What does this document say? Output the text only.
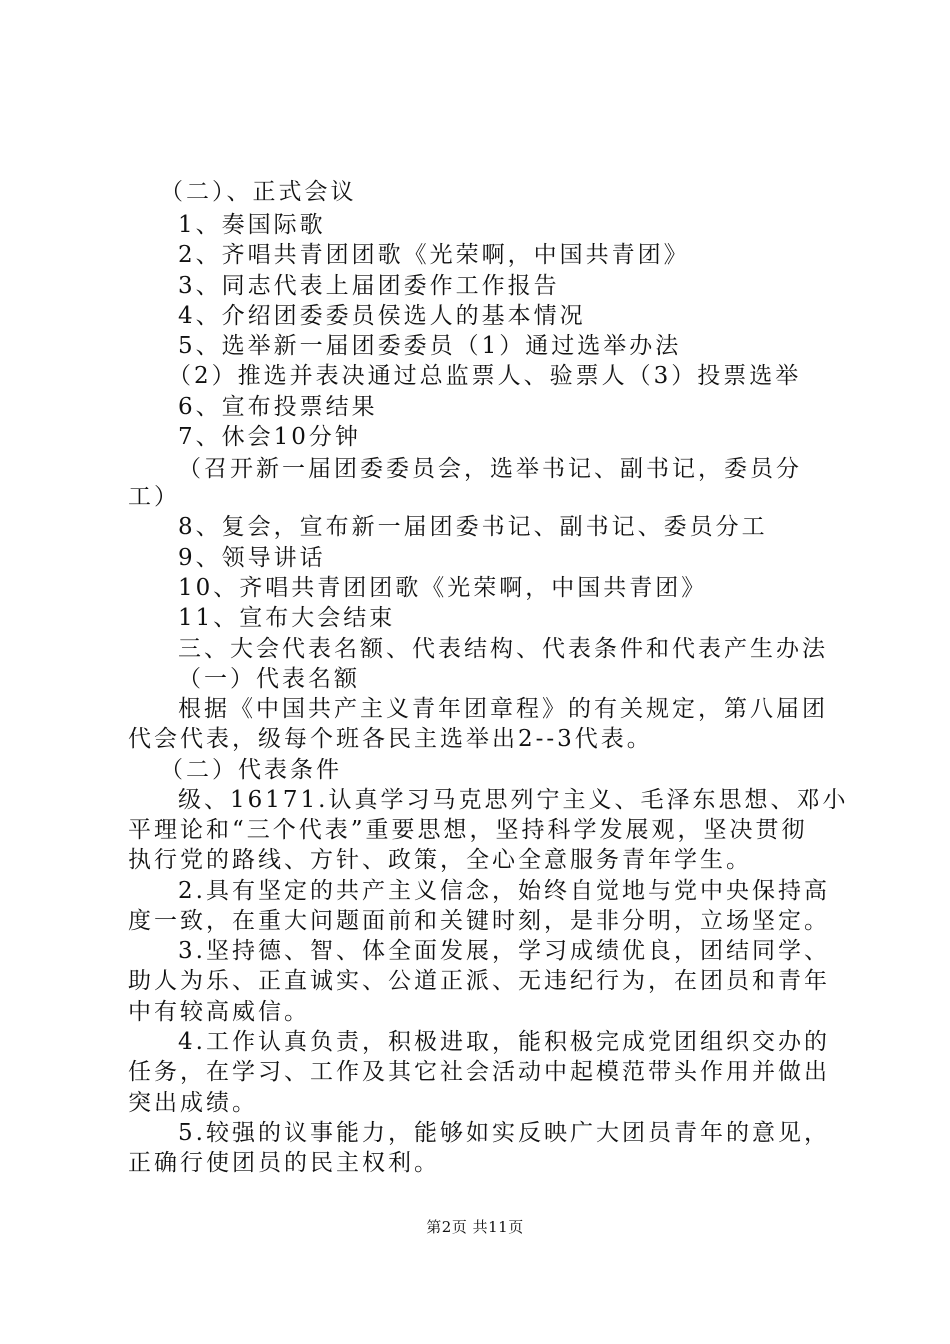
（二）、正式会议
1、奏国际歌
2、齐唱共青团团歌《光荣啊，中国共青团》
3、同志代表上届团委作工作报告
4、介绍团委委员侯选人的基本情况
5、选举新一届团委委员（1）通过选举办法
（2）推选并表决通过总监票人、验票人（3）投票选举
6、宣布投票结果
7、休会10分钟
（召开新一届团委委员会，选举书记、副书记，委员分
工）
8、复会，宣布新一届团委书记、副书记、委员分工
9、领导讲话
10、齐唱共青团团歌《光荣啊，中国共青团》
11、宣布大会结束
三、大会代表名额、代表结构、代表条件和代表产生办法
（一）代表名额
根据《中国共产主义青年团章程》的有关规定，第八届团
代会代表，级每个班各民主选举出2--3代表。
（二）代表条件
级、16171.认真学习马克思列宁主义、毛泽东思想、邓小
平理论和“三个代表”重要思想，坚持科学发展观，坚决贯彻
执行党的路线、方针、政策，全心全意服务青年学生。
2.具有坚定的共产主义信念，始终自觉地与党中央保持高
度一致，在重大问题面前和关键时刻，是非分明，立场坚定。
3.坚持德、智、体全面发展，学习成绩优良，团结同学、
助人为乐、正直诚实、公道正派、无违纪行为，在团员和青年
中有较高威信。
4.工作认真负责，积极进取，能积极完成党团组织交办的
任务，在学习、工作及其它社会活动中起模范带头作用并做出
突出成绩。
5.较强的议事能力，能够如实反映广大团员青年的意见，
正确行使团员的民主权利。
第2页 共11页
